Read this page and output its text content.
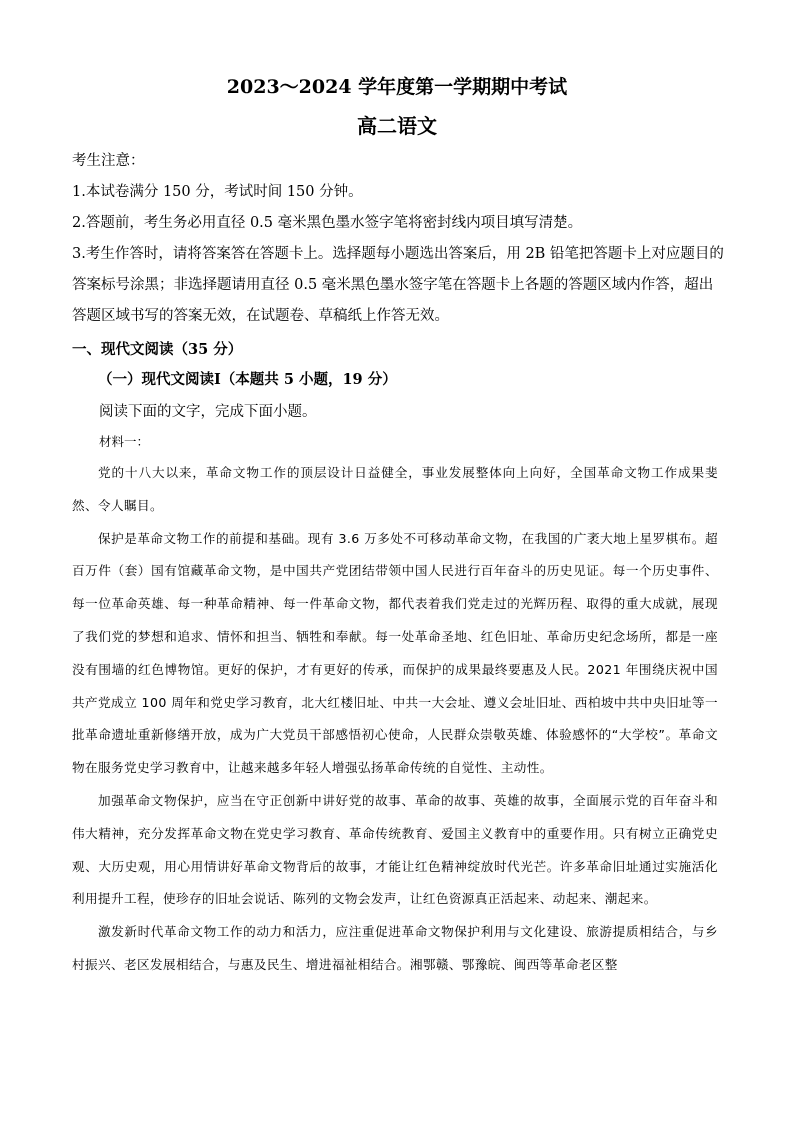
2023～2024 学年度第一学期期中考试
高二语文
考生注意：
1.本试卷满分 150 分，考试时间 150 分钟。
2.答题前，考生务必用直径 0.5 毫米黑色墨水签字笔将密封线内项目填写清楚。
3.考生作答时，请将答案答在答题卡上。选择题每小题选出答案后，用 2B 铅笔把答题卡上对应题目的答案标号涂黑；非选择题请用直径 0.5 毫米黑色墨水签字笔在答题卡上各题的答题区域内作答，超出答题区域书写的答案无效，在试题卷、草稿纸上作答无效。
一、现代文阅读（35 分）
（一）现代文阅读Ⅰ（本题共 5 小题，19 分）
阅读下面的文字，完成下面小题。
材料一：

党的十八大以来，革命文物工作的顶层设计日益健全，事业发展整体向上向好，全国革命文物工作成果斐然、令人瞩目。

保护是革命文物工作的前提和基础。现有 3.6 万多处不可移动革命文物，在我国的广袤大地上星罗棋布。超百万件（套）国有馆藏革命文物，是中国共产党团结带领中国人民进行百年奋斗的历史见证。每一个历史事件、每一位革命英雄、每一种革命精神、每一件革命文物，都代表着我们党走过的光辉历程、取得的重大成就，展现了我们党的梦想和追求、情怀和担当、牺牲和奉献。每一处革命圣地、红色旧址、革命历史纪念场所，都是一座没有围墙的红色博物馆。更好的保护，才有更好的传承，而保护的成果最终要惠及人民。2021 年围绕庆祝中国共产党成立 100 周年和党史学习教育，北大红楼旧址、中共一大会址、遵义会址旧址、西柏坡中共中央旧址等一批革命遗址重新修缮开放，成为广大党员干部感悟初心使命，人民群众崇敬英雄、体验感怀的“大学校”。革命文物在服务党史学习教育中，让越来越多年轻人增强弘扬革命传统的自觉性、主动性。

加强革命文物保护，应当在守正创新中讲好党的故事、革命的故事、英雄的故事，全面展示党的百年奋斗和伟大精神，充分发挥革命文物在党史学习教育、革命传统教育、爱国主义教育中的重要作用。只有树立正确党史观、大历史观，用心用情讲好革命文物背后的故事，才能让红色精神绽放时代光芒。许多革命旧址通过实施活化利用提升工程，使珍存的旧址会说话、陈列的文物会发声，让红色资源真正活起来、动起来、潮起来。

激发新时代革命文物工作的动力和活力，应注重促进革命文物保护利用与文化建设、旅游提质相结合，与乡村振兴、老区发展相结合，与惠及民生、增进福祉相结合。湘鄂赣、鄂豫皖、闽西等革命老区整
